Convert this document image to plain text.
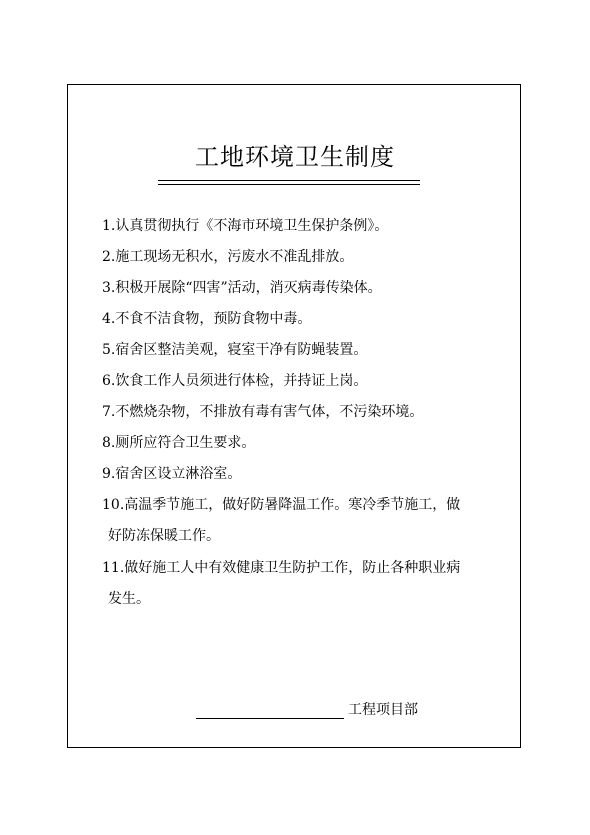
工地环境卫生制度
1.认真贯彻执行《不海市环境卫生保护条例》。
2.施工现场无积水，污废水不准乱排放。
3.积极开展除“四害”活动，消灭病毒传染体。
4.不食不洁食物，预防食物中毒。
5.宿舍区整洁美观，寝室干净有防蝇装置。
6.饮食工作人员须进行体检，并持证上岗。
7.不燃烧杂物，不排放有毒有害气体，不污染环境。
8.厕所应符合卫生要求。
9.宿舍区设立淋浴室。
10.高温季节施工，做好防暑降温工作。寒冷季节施工，做
好防冻保暖工作。
11.做好施工人中有效健康卫生防护工作，防止各种职业病
发生。
工程项目部
